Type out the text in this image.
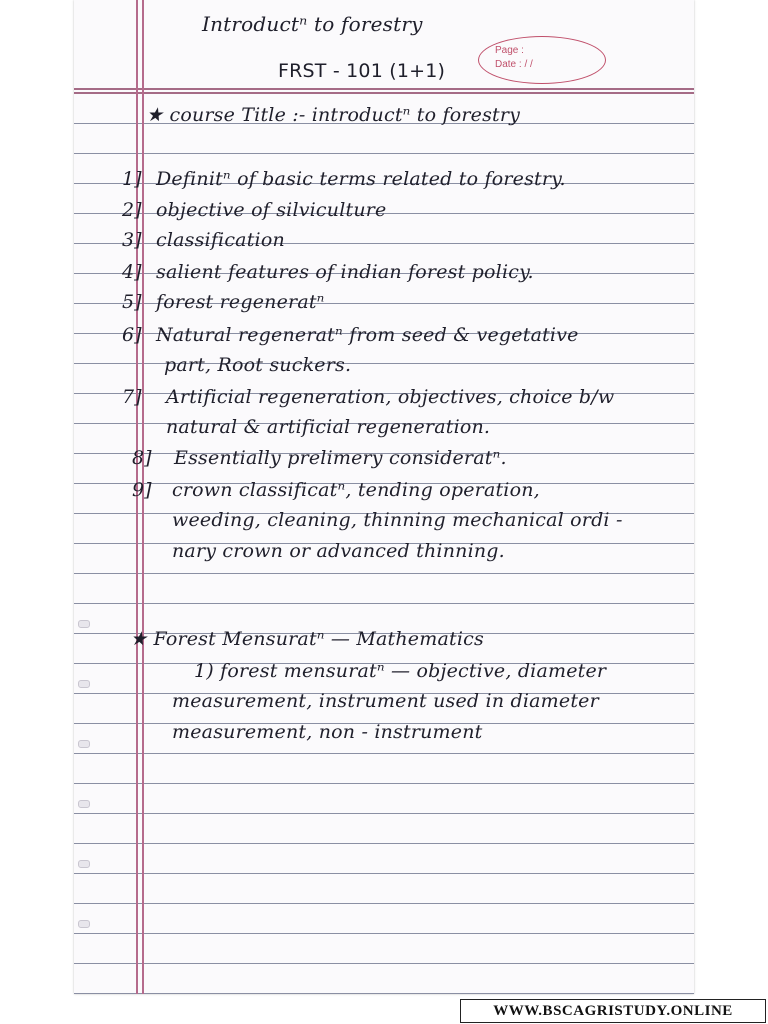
Introductⁿ to forestry
FRST - 101 (1+1)
Page :
Date : / /
★ course Title :- introductⁿ to forestry
1] Definitⁿ of basic terms related to forestry.
2] objective of silviculture
3] classification
4] salient features of indian forest policy.
5] forest regeneratⁿ
6] Natural regeneratⁿ from seed & vegetative
part, Root suckers.
7] Artificial regeneration, objectives, choice b/w
natural & artificial regeneration.
8] Essentially prelimery consideratⁿ.
9] crown classificatⁿ, tending operation,
weeding, cleaning, thinning mechanical ordi -
nary crown or advanced thinning.
★ Forest Mensuratⁿ — Mathematics
1) forest mensuratⁿ — objective, diameter
measurement, instrument used in diameter
measurement, non - instrument
WWW.BSCAGRISTUDY.ONLINE
